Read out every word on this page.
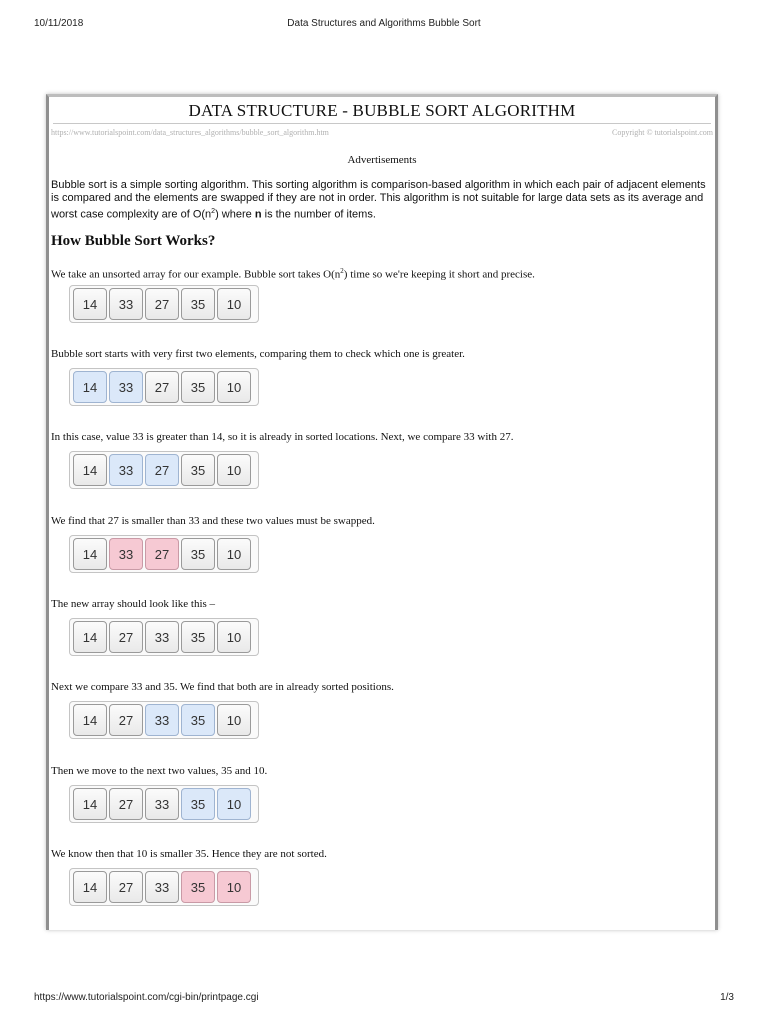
10/11/2018	Data Structures and Algorithms Bubble Sort
DATA STRUCTURE - BUBBLE SORT ALGORITHM
https://www.tutorialspoint.com/data_structures_algorithms/bubble_sort_algorithm.htm	Copyright © tutorialspoint.com
Advertisements
Bubble sort is a simple sorting algorithm. This sorting algorithm is comparison-based algorithm in which each pair of adjacent elements is compared and the elements are swapped if they are not in order. This algorithm is not suitable for large data sets as its average and worst case complexity are of $O(n^2)$ where n is the number of items.
How Bubble Sort Works?
We take an unsorted array for our example. Bubble sort takes $O(n^2)$ time so we're keeping it short and precise.
14	33	27	35	10
Bubble sort starts with very first two elements, comparing them to check which one is greater.
14	33	27	35	10
In this case, value 33 is greater than 14, so it is already in sorted locations. Next, we compare 33 with 27.
14	33	27	35	10
We find that 27 is smaller than 33 and these two values must be swapped.
14	33	27	35	10
The new array should look like this –
14	27	33	35	10
Next we compare 33 and 35. We find that both are in already sorted positions.
14	27	33	35	10
Then we move to the next two values, 35 and 10.
14	27	33	35	10
We know then that 10 is smaller 35. Hence they are not sorted.
14	27	33	35	10
https://www.tutorialspoint.com/cgi-bin/printpage.cgi	1/3
